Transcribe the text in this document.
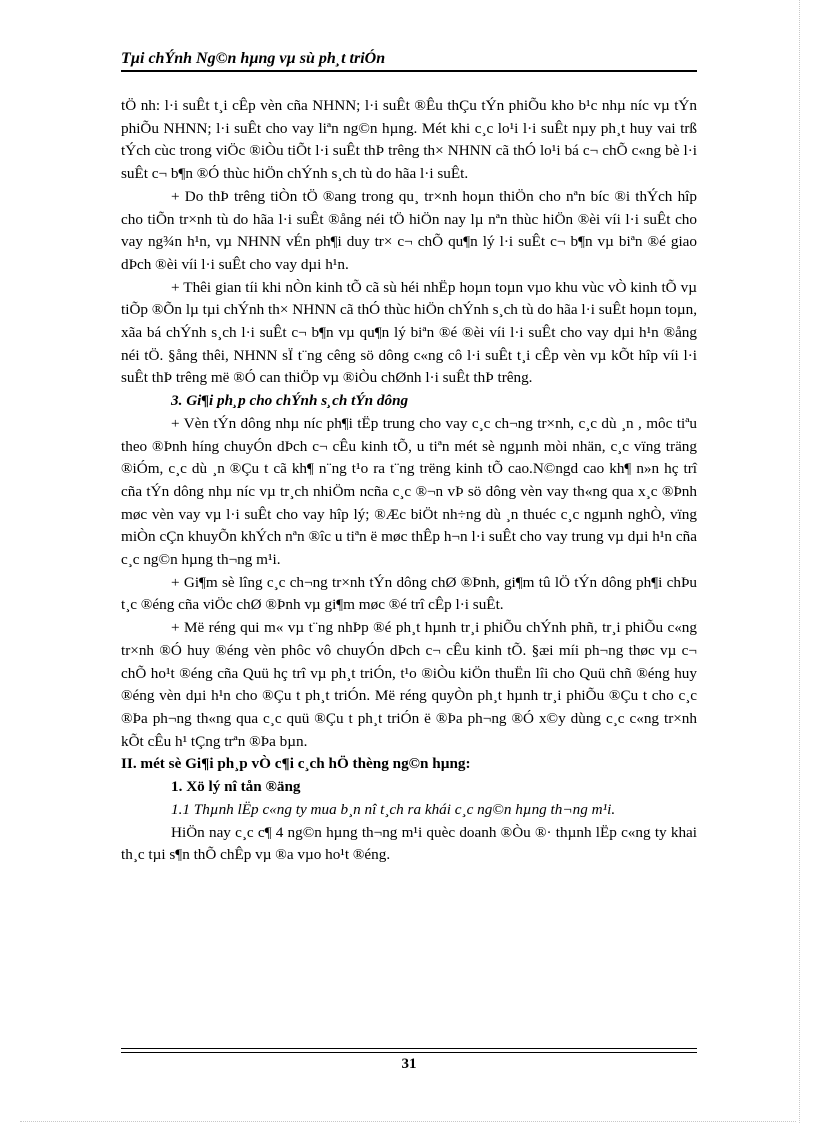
Tµi chÝnh Ng©n hµng vµ sù ph¸t triÓn

tÖ nh: l·i suÊt t¸i cÊp vèn cña NHNN; l·i suÊt ®Êu thÇu tÝn phiÕu kho b¹c nhµ níc vµ tÝn phiÕu NHNN; l·i suÊt cho vay liªn ng©n hµng. Mét khi c¸c lo¹i l·i suÊt nµy ph¸t huy vai trß tÝch cùc trong viÖc ®iÒu tiÕt l·i suÊt thÞ trêng th× NHNN cã thÓ lo¹i bá c¬ chÕ c«ng bè l·i suÊt c¬ b¶n ®Ó thùc hiÖn chÝnh s¸ch tù do hãa l·i suÊt.

+ Do thÞ trêng tiÒn tÖ ®ang trong qu¸ tr×nh hoµn thiÖn cho nªn bíc ®i thÝch hîp cho tiÕn tr×nh tù do hãa l·i suÊt ®ång néi tÖ hiÖn nay lµ nªn thùc hiÖn ®èi víi l·i suÊt cho vay ng¾n h¹n, vµ NHNN vÉn ph¶i duy tr× c¬ chÕ qu¶n lý l·i suÊt c¬ b¶n vµ biªn ®é giao dÞch ®èi víi l·i suÊt cho vay dµi h¹n.

+ Thêi gian tíi khi nÒn kinh tÕ cã sù héi nhËp hoµn toµn vµo khu vùc vÒ kinh tÕ vµ tiÕp ®Õn lµ tµi chÝnh th× NHNN cã thÓ thùc hiÖn chÝnh s¸ch tù do hãa l·i suÊt hoµn toµn, xãa bá chÝnh s¸ch l·i suÊt c¬ b¶n vµ qu¶n lý biªn ®é ®èi víi l·i suÊt cho vay dµi h¹n ®ång néi tÖ. §ång thêi, NHNN sÏ t¨ng cêng sö dông c«ng cô l·i suÊt t¸i cÊp vèn vµ kÕt hîp víi l·i suÊt thÞ trêng më ®Ó can thiÖp vµ ®iÒu chØnh l·i suÊt thÞ trêng.

3. Gi¶i ph¸p cho chÝnh s¸ch tÝn dông

+ Vèn tÝn dông nhµ níc ph¶i tËp trung cho vay c¸c ch¬ng tr×nh, c¸c dù ¸n , môc tiªu theo ®Þnh híng chuyÓn dÞch c¬ cÊu kinh tÕ, u tiªn mét sè ngµnh mòi nhän, c¸c vïng träng ®iÓm, c¸c dù ¸n ®Çu t cã kh¶ n¨ng t¹o ra t¨ng trëng kinh tÕ cao.N©ngd cao kh¶ n»n hç trî cña tÝn dông nhµ níc vµ tr¸ch nhiÖm ncña c¸c ®¬n vÞ sö dông vèn vay th«ng qua x¸c ®Þnh møc vèn vay vµ l·i suÊt cho vay hîp lý; ®Æc biÖt nh÷ng dù ¸n thuéc c¸c ngµnh nghÒ, vïng miÒn cÇn khuyÕn khÝch nªn ®îc u tiªn ë møc thÊp h¬n l·i suÊt cho vay trung vµ dµi h¹n cña c¸c ng©n hµng th¬ng m¹i.

+ Gi¶m sè lîng c¸c ch¬ng tr×nh tÝn dông chØ ®Þnh, gi¶m tû lÖ tÝn dông ph¶i chÞu t¸c ®éng cña viÖc chØ ®Þnh vµ gi¶m møc ®é trî cÊp l·i suÊt.

+ Më réng qui m« vµ t¨ng nhÞp ®é ph¸t hµnh tr¸i phiÕu chÝnh phñ, tr¸i phiÕu c«ng tr×nh ®Ó huy ®éng vèn phôc vô chuyÓn dÞch c¬ cÊu kinh tÕ. §æi míi ph¬ng thøc vµ c¬ chÕ ho¹t ®éng cña Quü hç trî vµ ph¸t triÓn, t¹o ®iÒu kiÖn thuËn lîi cho Quü chñ ®éng huy ®éng vèn dµi h¹n cho ®Çu t ph¸t triÓn. Më réng quyÒn ph¸t hµnh tr¸i phiÕu ®Çu t cho c¸c ®Þa ph¬ng th«ng qua c¸c quü ®Çu t ph¸t triÓn ë ®Þa ph¬ng ®Ó x©y dùng c¸c c«ng tr×nh kÕt cÊu h¹ tÇng trªn ®Þa bµn.

II. mét sè Gi¶i ph¸p vÒ c¶i c¸ch hÖ thèng ng©n hµng:

1. Xö lý nî tån ®äng

1.1 Thµnh lËp c«ng ty mua b¸n nî t¸ch ra khái c¸c ng©n hµng th¬ng m¹i.

HiÖn nay c¸c c¶ 4 ng©n hµng th¬ng m¹i quèc doanh ®Òu ®· thµnh lËp c«ng ty khai th¸c tµi s¶n thÕ chÊp vµ ®a vµo ho¹t ®éng.

31
